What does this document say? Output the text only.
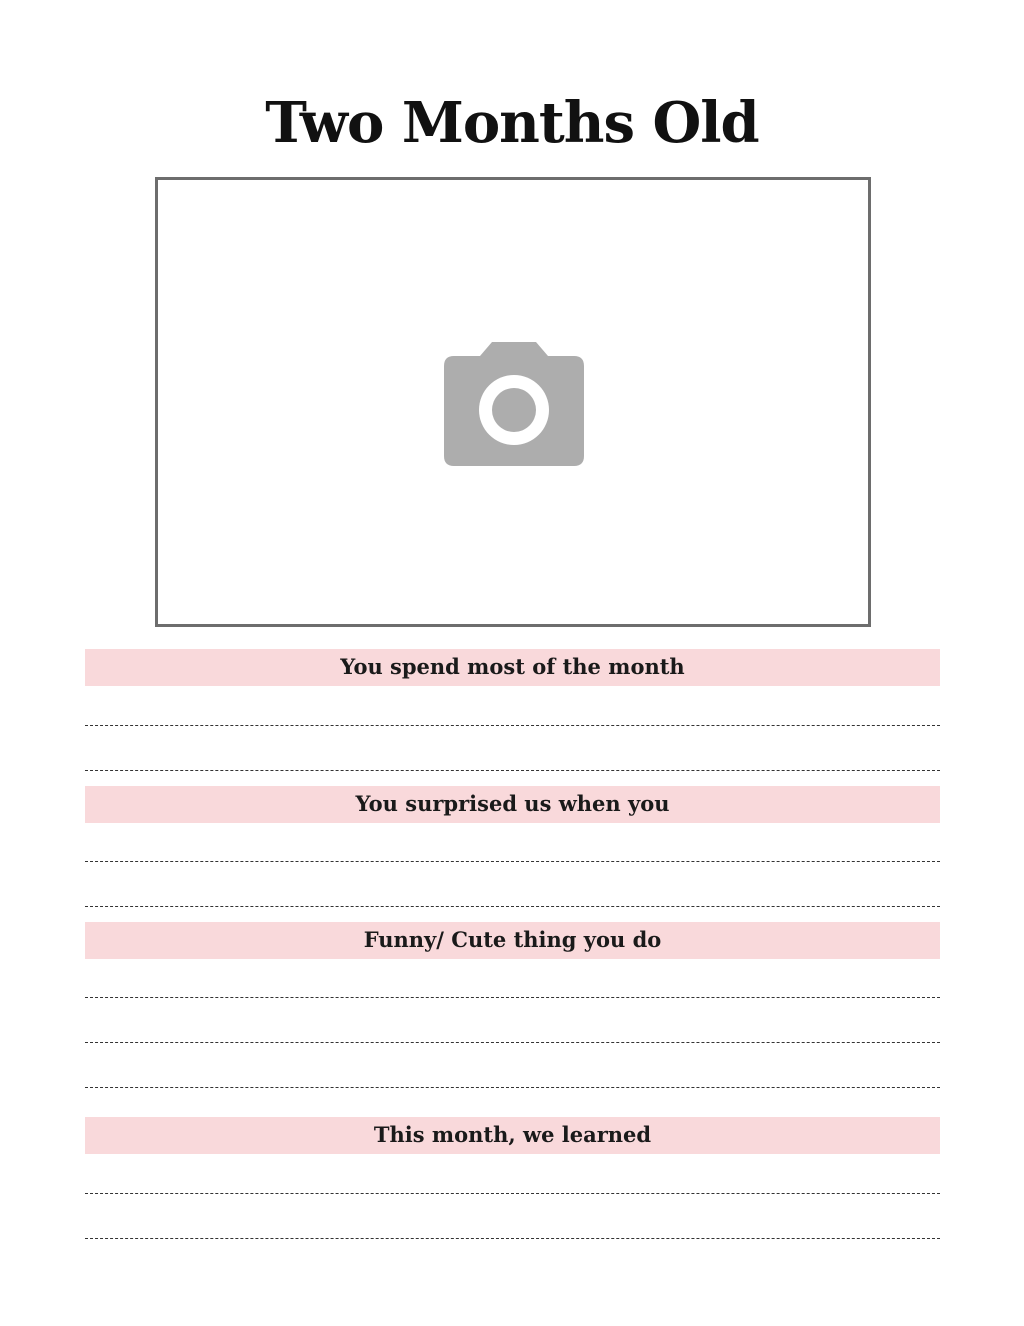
Two Months Old
You spend most of the month
You surprised us when you
Funny/ Cute thing you do
This month, we learned
